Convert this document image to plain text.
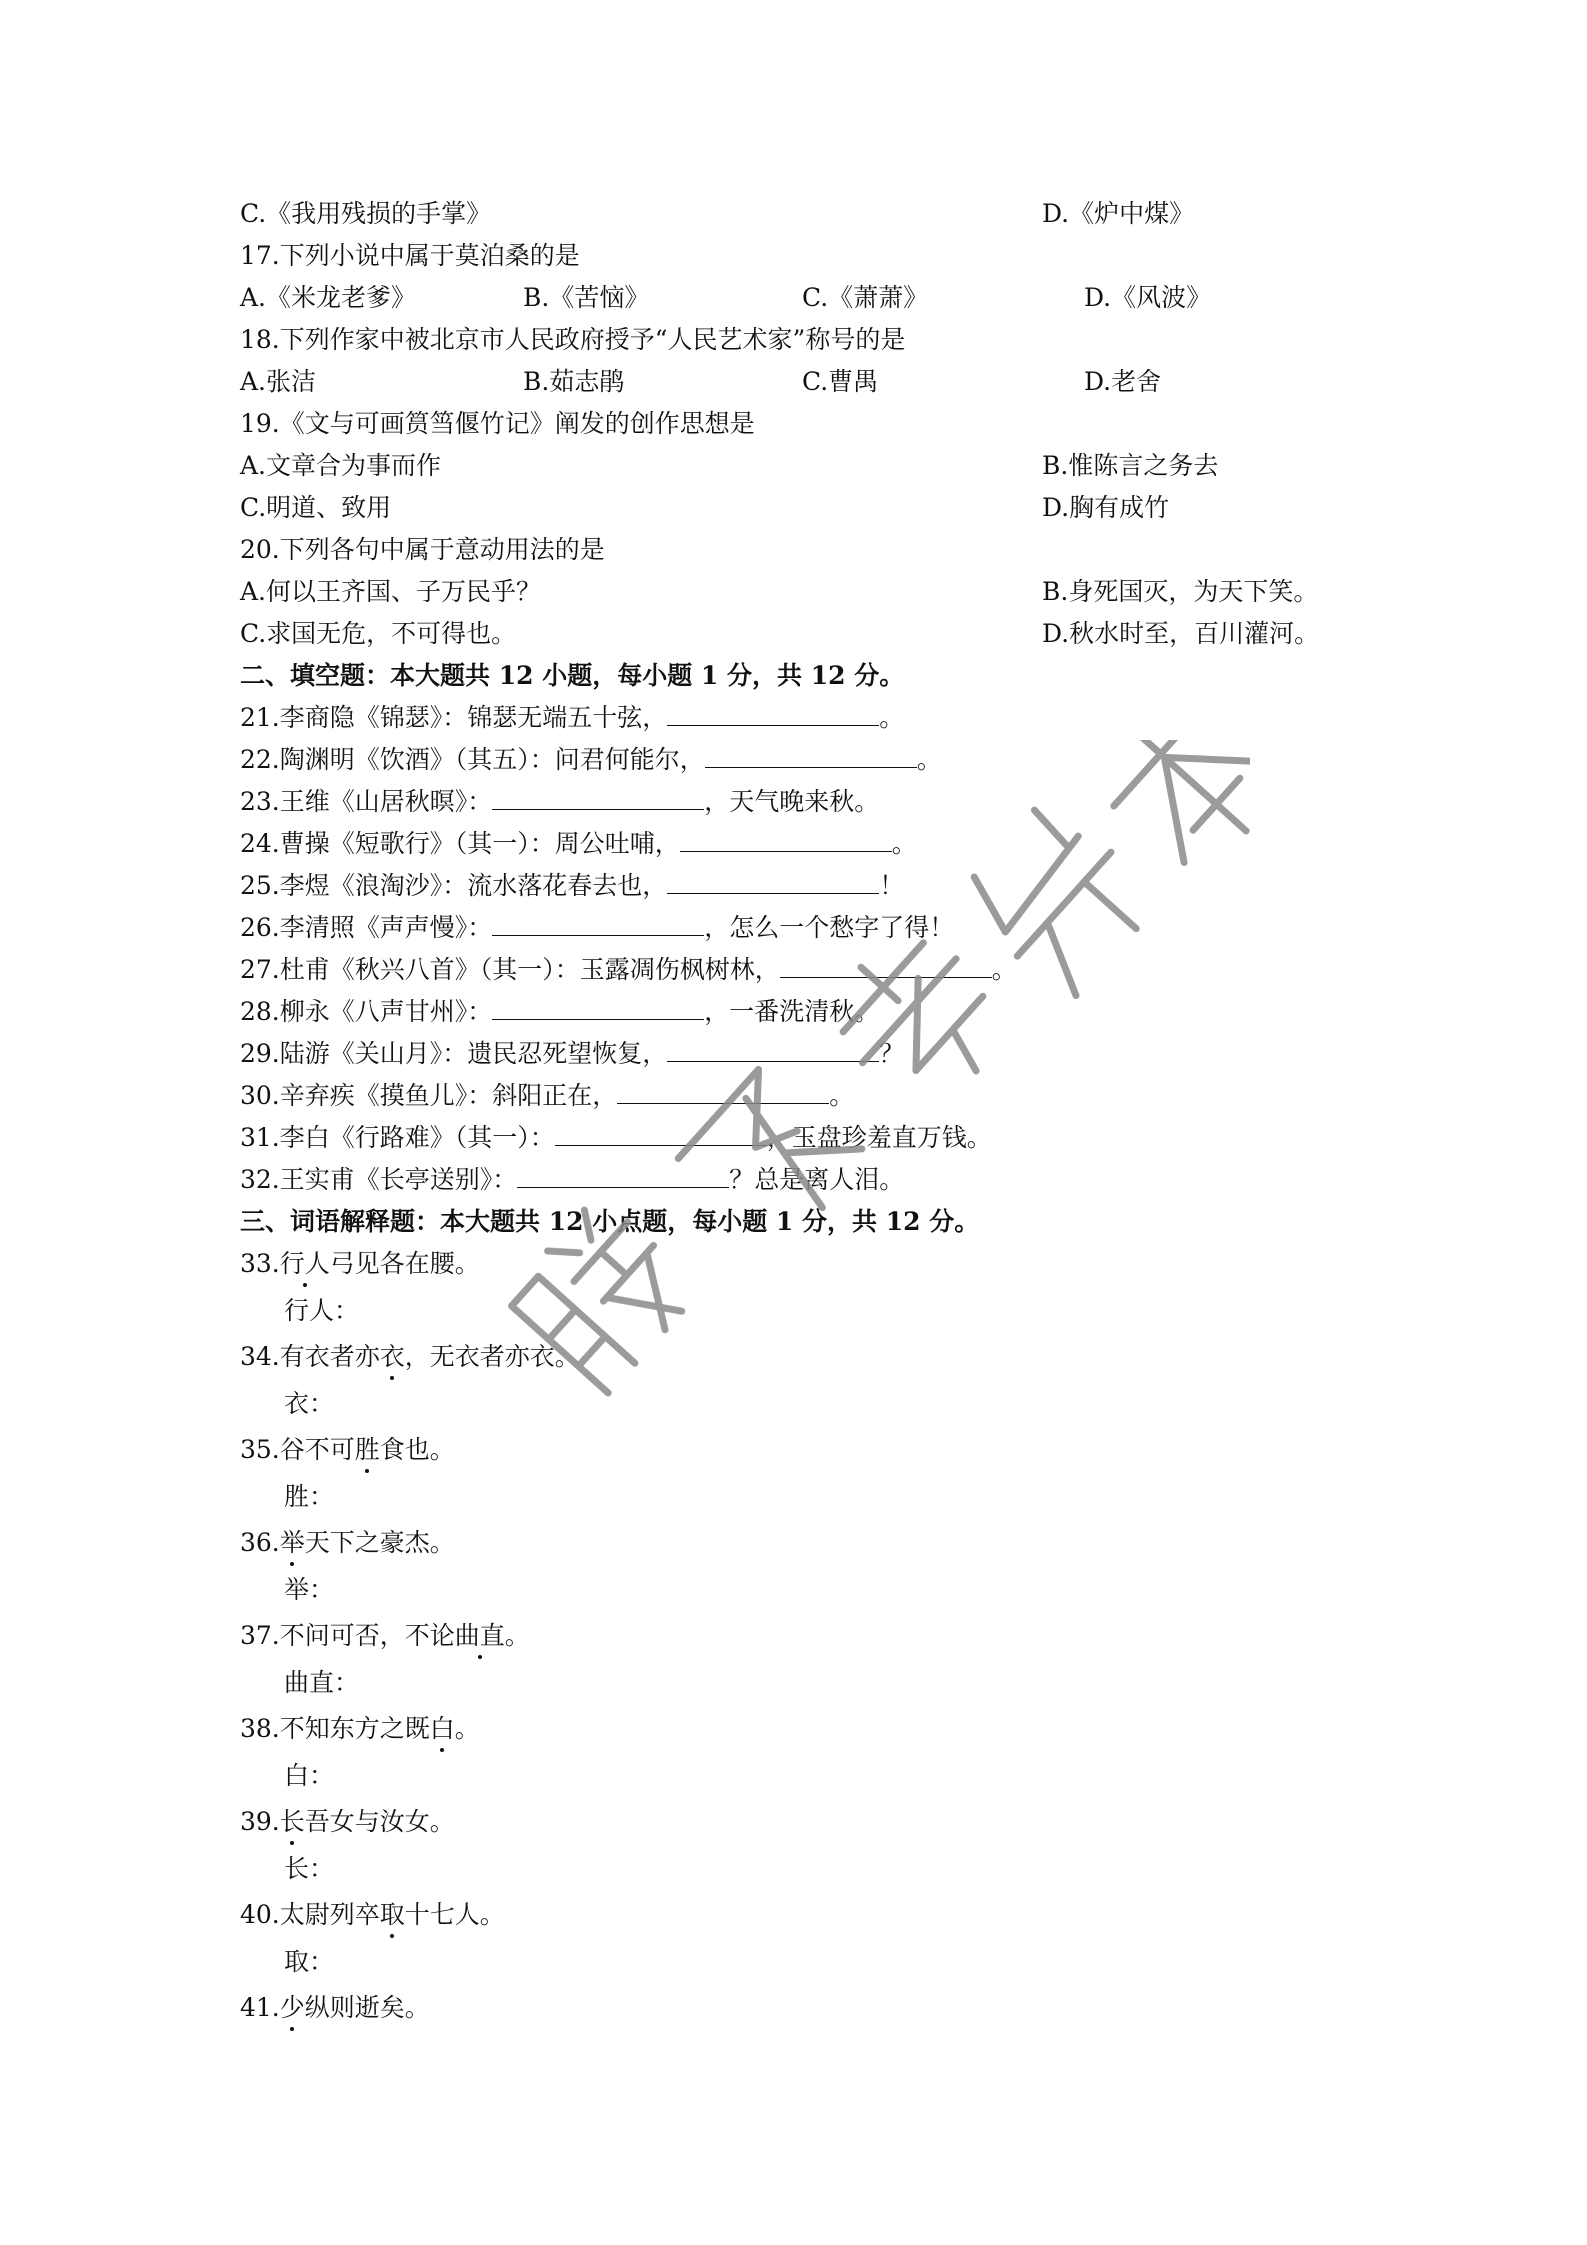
C.《我用残损的手掌》	D.《炉中煤》
17.下列小说中属于莫泊桑的是
A.《米龙老爹》	B.《苦恼》	C.《萧萧》	D.《风波》
18.下列作家中被北京市人民政府授予“人民艺术家”称号的是
A.张洁	B.茹志鹃	C.曹禺	D.老舍
19.《文与可画筼筜偃竹记》阐发的创作思想是
A.文章合为事而作	B.惟陈言之务去
C.明道、致用	D.胸有成竹
20.下列各句中属于意动用法的是
A.何以王齐国、子万民乎？	B.身死国灭，为天下笑。
C.求国无危，不可得也。	D.秋水时至，百川灌河。
二、填空题：本大题共 12 小题，每小题 1 分，共 12 分。
21.李商隐《锦瑟》：锦瑟无端五十弦，	。
22.陶渊明《饮酒》（其五）：问君何能尔，	。
23.王维《山居秋暝》：	，天气晚来秋。
24.曹操《短歌行》（其一）：周公吐哺，	。
25.李煜《浪淘沙》：流水落花春去也，	！
26.李清照《声声慢》：	，怎么一个愁字了得！
27.杜甫《秋兴八首》（其一）：玉露凋伤枫树林，	。
28.柳永《八声甘州》：	，一番洗清秋。
29.陆游《关山月》：遗民忍死望恢复，	？
30.辛弃疾《摸鱼儿》：斜阳正在，	。
31.李白《行路难》（其一）：	，玉盘珍羞直万钱。
32.王实甫《长亭送别》：	？总是离人泪。
三、词语解释题：本大题共 12 小点题，每小题 1 分，共 12 分。
33.行人弓见各在腰。
行人：
34.有衣者亦衣，无衣者亦衣。
衣：
35.谷不可胜食也。
胜：
36.举天下之豪杰。
举：
37.不问可否，不论曲直。
曲直：
38.不知东方之既白。
白：
39.长吾女与汝女。
长：
40.太尉列卒取十七人。
取：
41.少纵则逝矣。
